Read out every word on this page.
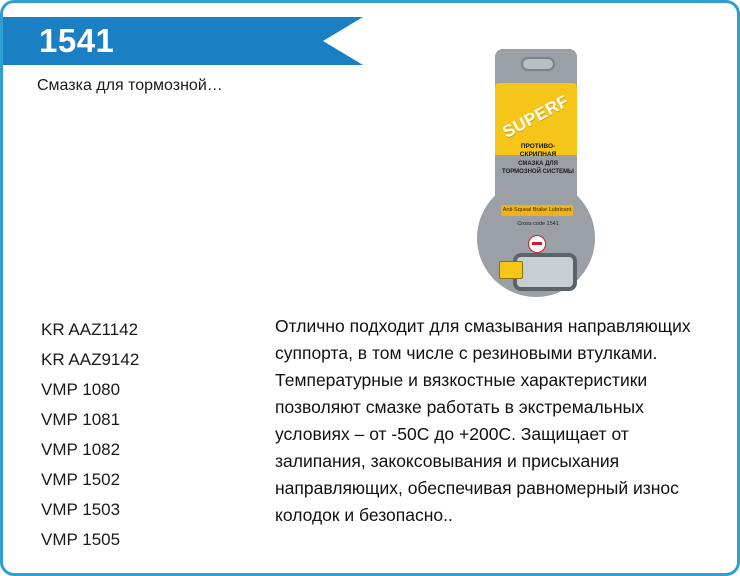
1541
Смазка для тормозной…
SUPERF
ПРОТИВО- СКРИПНАЯ
СМАЗКА ДЛЯ ТОРМОЗНОЙ СИСТЕМЫ
Anti-Squeal Brake Lubricant
Cross code 1541
KR AAZ1142
KR AAZ9142
VMP 1080
VMP 1081
VMP 1082
VMP 1502
VMP 1503
VMP 1505
Отлично подходит для смазывания направляющих суппорта, в том числе с резиновыми втулками. Температурные и вязкостные характеристики позволяют смазке работать в экстремальных условиях – от -50С до +200С. Защищает от залипания, закоксовывания и присыхания направляющих, обеспечивая равномерный износ колодок и безопасно..
